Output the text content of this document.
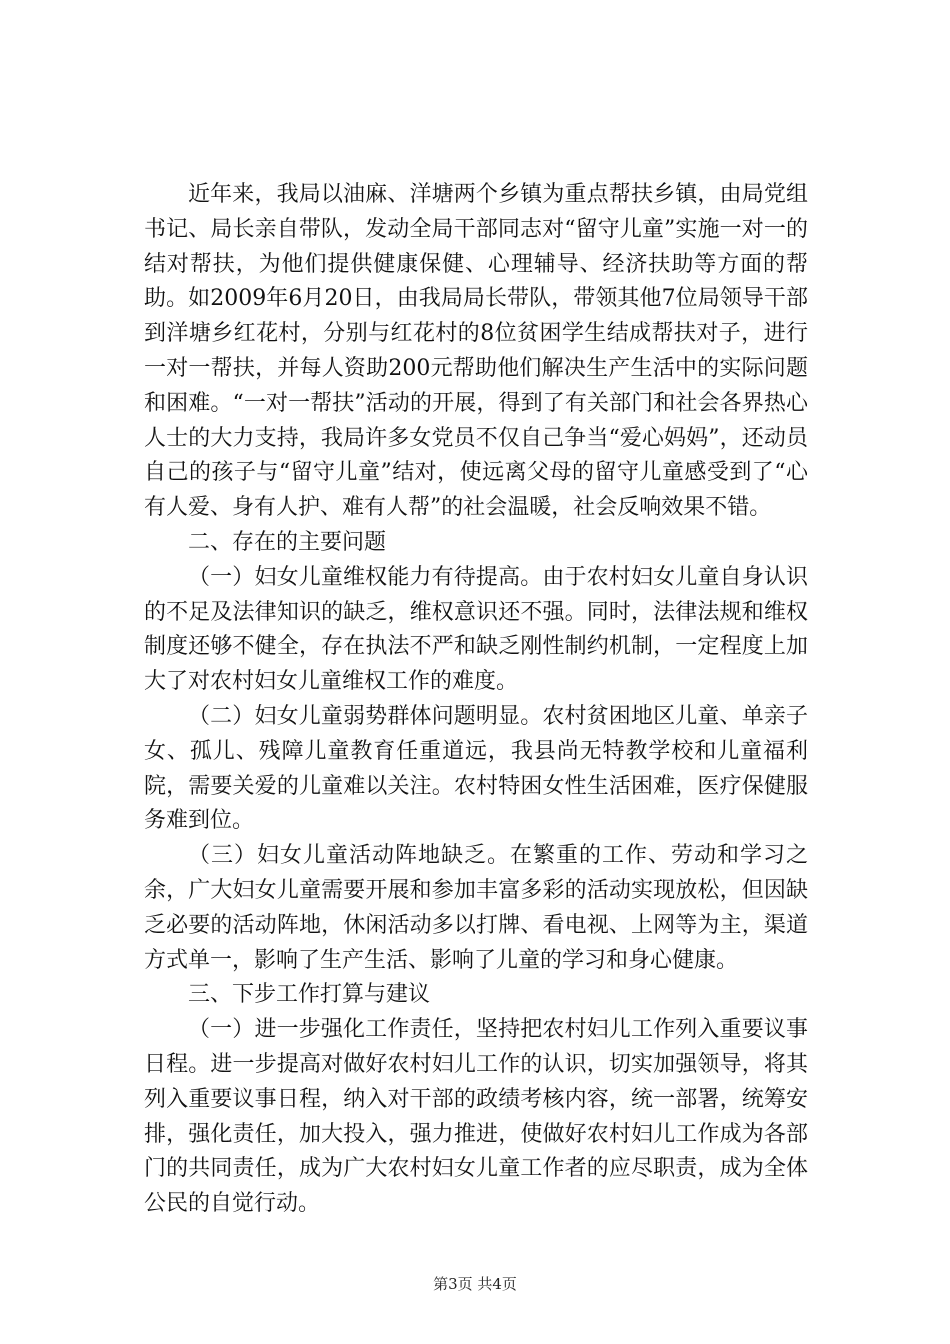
近年来，我局以油麻、洋塘两个乡镇为重点帮扶乡镇，由局党组书记、局长亲自带队，发动全局干部同志对“留守儿童”实施一对一的结对帮扶，为他们提供健康保健、心理辅导、经济扶助等方面的帮助。如2009年6月20日，由我局局长带队，带领其他7位局领导干部到洋塘乡红花村，分别与红花村的8位贫困学生结成帮扶对子，进行一对一帮扶，并每人资助200元帮助他们解决生产生活中的实际问题和困难。“一对一帮扶”活动的开展，得到了有关部门和社会各界热心人士的大力支持，我局许多女党员不仅自己争当“爱心妈妈”，还动员自己的孩子与“留守儿童”结对，使远离父母的留守儿童感受到了“心有人爱、身有人护、难有人帮”的社会温暖，社会反响效果不错。

二、存在的主要问题

（一）妇女儿童维权能力有待提高。由于农村妇女儿童自身认识的不足及法律知识的缺乏，维权意识还不强。同时，法律法规和维权制度还够不健全，存在执法不严和缺乏刚性制约机制，一定程度上加大了对农村妇女儿童维权工作的难度。

（二）妇女儿童弱势群体问题明显。农村贫困地区儿童、单亲子女、孤儿、残障儿童教育任重道远，我县尚无特教学校和儿童福利院，需要关爱的儿童难以关注。农村特困女性生活困难，医疗保健服务难到位。

（三）妇女儿童活动阵地缺乏。在繁重的工作、劳动和学习之余，广大妇女儿童需要开展和参加丰富多彩的活动实现放松，但因缺乏必要的活动阵地，休闲活动多以打牌、看电视、上网等为主，渠道方式单一，影响了生产生活、影响了儿童的学习和身心健康。

三、下步工作打算与建议

（一）进一步强化工作责任，坚持把农村妇儿工作列入重要议事日程。进一步提高对做好农村妇儿工作的认识，切实加强领导，将其列入重要议事日程，纳入对干部的政绩考核内容，统一部署，统筹安排，强化责任，加大投入，强力推进，使做好农村妇儿工作成为各部门的共同责任，成为广大农村妇女儿童工作者的应尽职责，成为全体公民的自觉行动。

第3页 共4页
